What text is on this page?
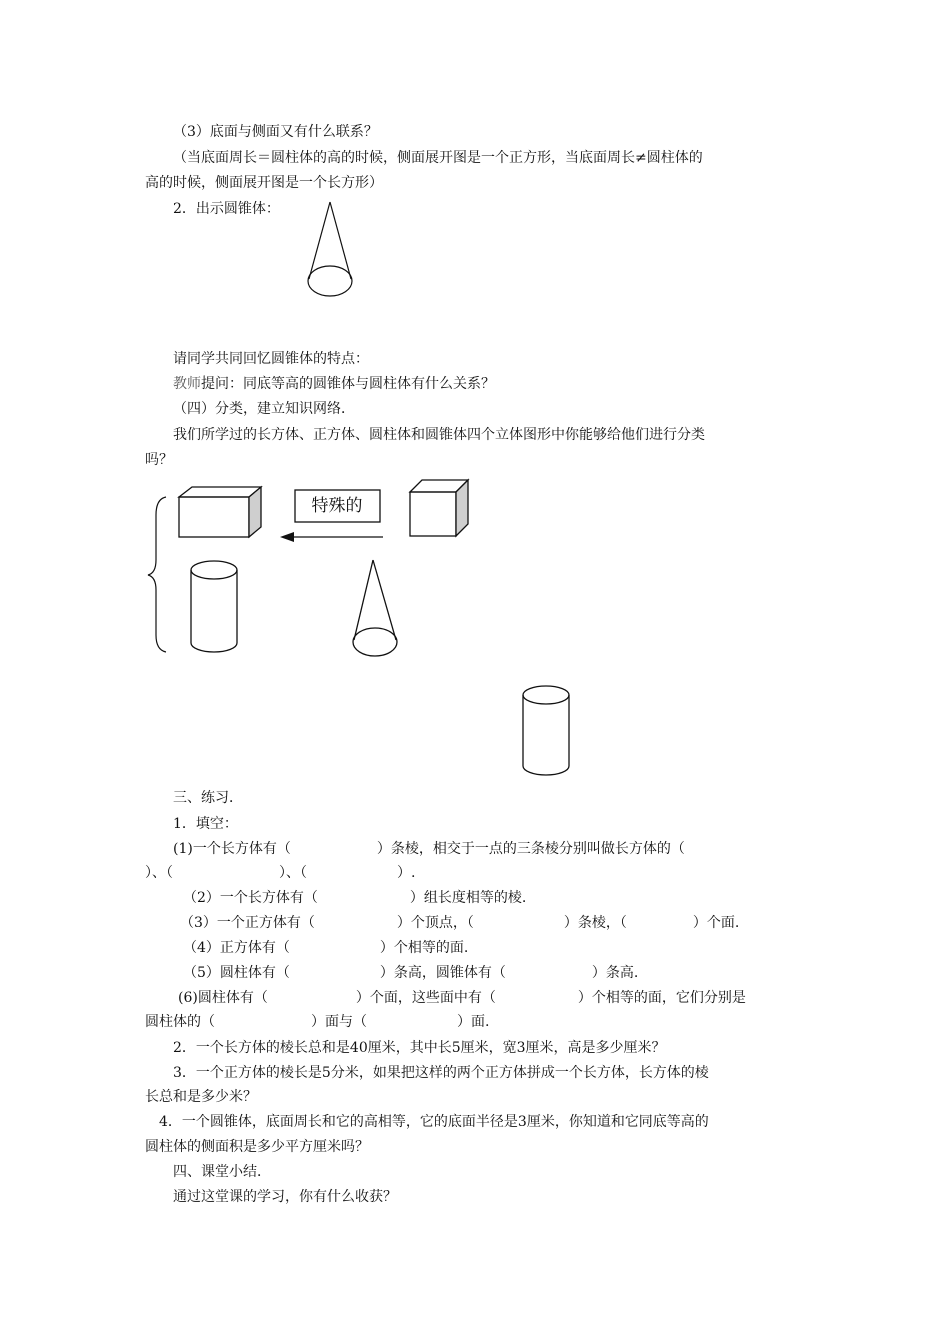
（3）底面与侧面又有什么联系？
（当底面周长＝圆柱体的高的时候，侧面展开图是一个正方形，当底面周长≠圆柱体的
高的时候，侧面展开图是一个长方形）
2．出示圆锥体：
请同学共同回忆圆锥体的特点：
教师提问：同底等高的圆锥体与圆柱体有什么关系？
（四）分类，建立知识网络．
我们所学过的长方体、正方体、圆柱体和圆锥体四个立体图形中你能够给他们进行分类
吗？
特殊的
三、练习．
1．填空：
(1)一个长方体有（	）条棱，相交于一点的三条棱分别叫做长方体的（
）、（	）、（	）.
（2）一个长方体有（	）组长度相等的棱.
（3）一个正方体有（	）个顶点，（	）条棱，（	）个面.
（4）正方体有（	）个相等的面.
（5）圆柱体有（	）条高，圆锥体有（	）条高.
(6)圆柱体有（	）个面，这些面中有（	）个相等的面，它们分别是
圆柱体的（	）面与（	）面.
2．一个长方体的棱长总和是40厘米，其中长5厘米，宽3厘米，高是多少厘米？
3．一个正方体的棱长是5分米，如果把这样的两个正方体拼成一个长方体，长方体的棱
长总和是多少米？
4．一个圆锥体，底面周长和它的高相等，它的底面半径是3厘米，你知道和它同底等高的
圆柱体的侧面积是多少平方厘米吗？
四、课堂小结．
通过这堂课的学习，你有什么收获？
